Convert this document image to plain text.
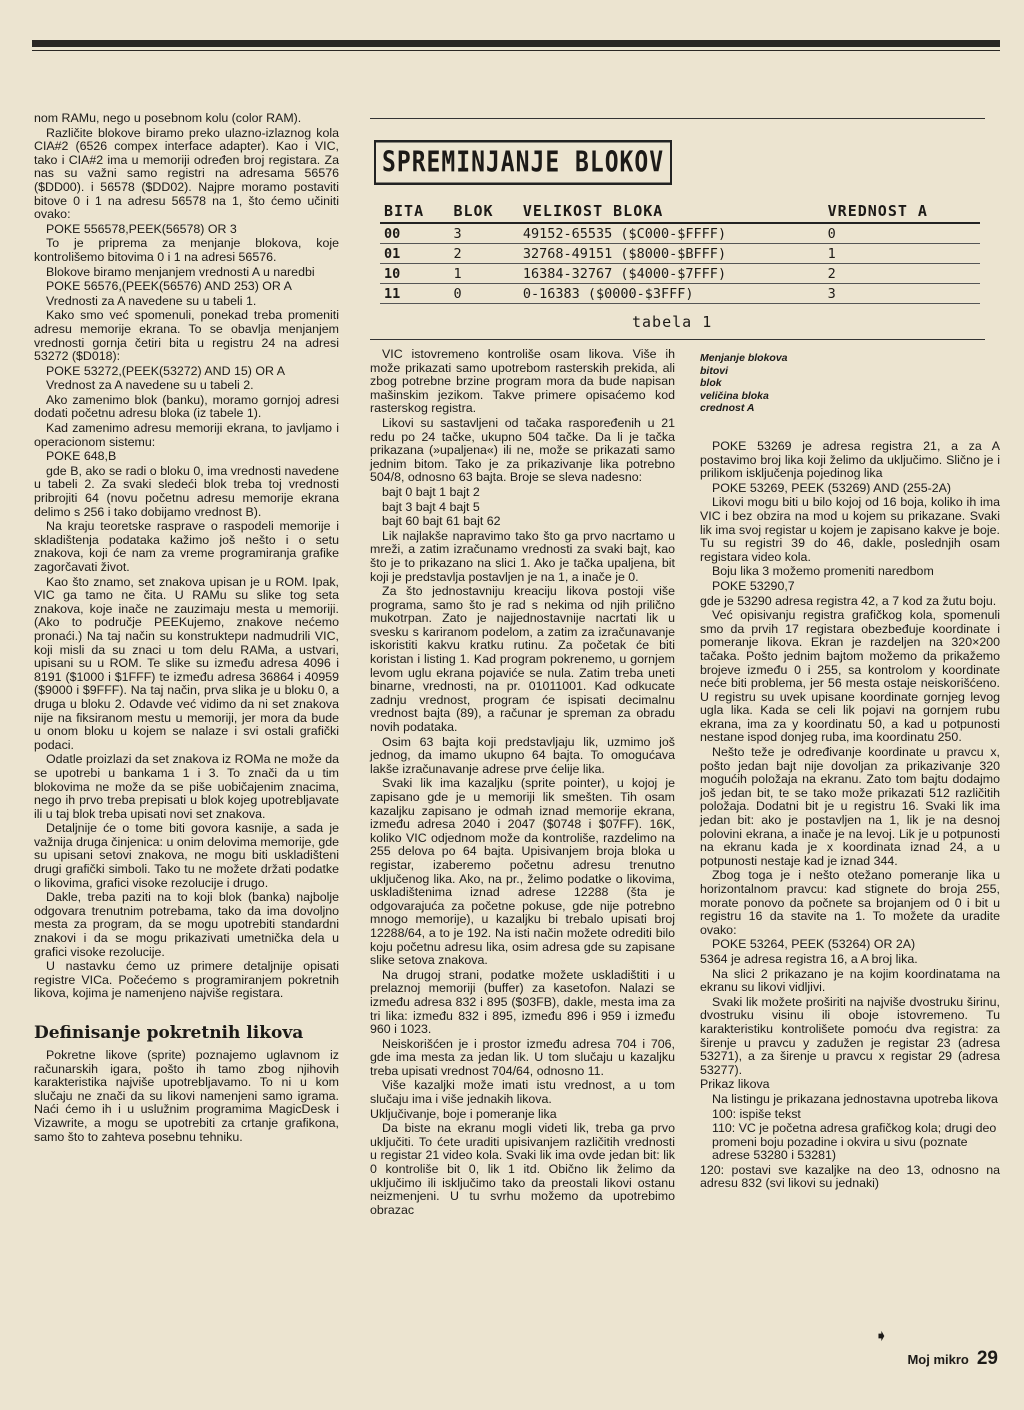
nom RAMu, nego u posebnom kolu (color RAM).

Različite blokove biramo preko ulazno-izlaznog kola CIA#2 (6526 compex interface adapter). Kao i VIC, tako i CIA#2 ima u memoriji određen broj registara. Za nas su važni samo registri na adresama 56576 ($DD00). i 56578 ($DD02). Najpre moramo postaviti bitove 0 i 1 na adresu 56578 na 1, što ćemo učiniti ovako:

POKE 556578,PEEK(56578) OR 3

To je priprema za menjanje blokova, koje kontrolišemo bitovima 0 i 1 na adresi 56576.

Blokove biramo menjanjem vrednosti A u naredbi

POKE 56576,(PEEK(56576) AND 253) OR A

Vrednosti za A navedene su u tabeli 1.

Kako smo već spomenuli, ponekad treba promeniti adresu memorije ekrana. To se obavlja menjanjem vrednosti gornja četiri bita u registru 24 na adresi 53272 ($D018):

POKE 53272,(PEEK(53272) AND 15) OR A

Vrednost za A navedene su u tabeli 2.

Ako zamenimo blok (banku), moramo gornjoj adresi dodati početnu adresu bloka (iz tabele 1).

Kad zamenimo adresu memoriji ekrana, to javljamo i operacionom sistemu:

POKE 648,B

gde B, ako se radi o bloku 0, ima vrednosti navedene u tabeli 2. Za svaki sledeći blok treba toj vrednosti pribrojiti 64 (novu početnu adresu memorije ekrana delimo s 256 i tako dobijamo vrednost B).

Na kraju teoretske rasprave o raspodeli memorije i skladištenja podataka kažimo još nešto i o setu znakova, koji će nam za vreme programiranja grafike zagorčavati život.

Kao što znamo, set znakova upisan je u ROM. Ipak, VIC ga tamo ne čita. U RAMu su slike tog seta znakova, koje inače ne zauzimaju mesta u memoriji. (Ako to područje PEEKujemo, znakove nećemo pronaći.) Na taj način su konstruktери nadmudrili VIC, koji misli da su znaci u tom delu RAMa, a ustvari, upisani su u ROM. Te slike su između adresa 4096 i 8191 ($1000 i $1FFF) te između adresa 36864 i 40959 ($9000 i $9FFF). Na taj način, prva slika je u bloku 0, a druga u bloku 2. Odavde već vidimo da ni set znakova nije na fiksiranom mestu u memoriji, jer mora da bude u onom bloku u kojem se nalaze i svi ostali grafički podaci.

Odatle proizlazi da set znakova iz ROMa ne može da se upotrebi u bankama 1 i 3. To znači da u tim blokovima ne može da se piše uobičajenim znacima, nego ih prvo treba prepisati u blok kojeg upotrebljavate ili u taj blok treba upisati novi set znakova.

Detaljnije će o tome biti govora kasnije, a sada je važnija druga činjenica: u onim delovima memorije, gde su upisani setovi znakova, ne mogu biti uskladišteni drugi grafički simboli. Tako tu ne možete držati podatke o likovima, grafici visoke rezolucije i drugo.

Dakle, treba paziti na to koji blok (banka) najbolje odgovara trenutnim potrebama, tako da ima dovoljno mesta za program, da se mogu upotrebiti standardni znakovi i da se mogu prikazivati umetnička dela u grafici visoke rezolucije.

U nastavku ćemo uz primere detaljnije opisati registre VICa. Počećemo s programiranjem pokretnih likova, kojima je namenjeno najviše registara.

Definisanje pokretnih likova

Pokretne likove (sprite) poznajemo uglavnom iz računarskih igara, pošto ih tamo zbog njihovih karakteristika najviše upotrebljavamo. To ni u kom slučaju ne znači da su likovi namenjeni samo igrama. Naći ćemo ih i u uslužnim programima MagicDesk i Vizawrite, a mogu se upotrebiti za crtanje grafikona, samo što to zahteva posebnu tehniku.

SPREMINJANJE BLOKOV
BITA	BLOK	VELIKOST BLOKA	VREDNOST A
00	3	49152-65535 ($C000-$FFFF)	0
01	2	32768-49151 ($8000-$BFFF)	1
10	1	16384-32767 ($4000-$7FFF)	2
11	0	0-16383 ($0000-$3FFF)	3
tabela 1
Menjanje blokova
bitovi
blok
veličina bloka
crednost A

VIC istovremeno kontroliše osam likova. Više ih može prikazati samo upotrebom rasterskih prekida, ali zbog potrebne brzine program mora da bude napisan mašinskim jezikom. Takve primere opisaćemo kod rasterskog registra.

Likovi su sastavljeni od tačaka raspoređenih u 21 redu po 24 tačke, ukupno 504 tačke. Da li je tačka prikazana (»upaljena«) ili ne, može se prikazati samo jednim bitom. Tako je za prikazivanje lika potrebno 504/8, odnosno 63 bajta. Broje se sleva nadesno:

bajt 0 bajt 1 bajt 2

bajt 3 bajt 4 bajt 5

bajt 60 bajt 61 bajt 62

Lik najlakše napravimo tako što ga prvo nacrtamo u mreži, a zatim izračunamo vrednosti za svaki bajt, kao što je to prikazano na slici 1. Ako je tačka upaljena, bit koji je predstavlja postavljen je na 1, a inače je 0.

Za što jednostavniju kreaciju likova postoji više programa, samo što je rad s nekima od njih prilično mukotrpan. Zato je najjednostavnije nacrtati lik u svesku s kariranom podelom, a zatim za izračunavanje iskoristiti kakvu kratku rutinu. Za početak će biti koristan i listing 1. Kad program pokrenemo, u gornjem levom uglu ekrana pojaviće se nula. Zatim treba uneti binarne, vrednosti, na pr. 01011001. Kad odkucate zadnju vrednost, program će ispisati decimalnu vrednost bajta (89), a računar je spreman za obradu novih podataka.

Osim 63 bajta koji predstavljaju lik, uzmimo još jednog, da imamo ukupno 64 bajta. To omogućava lakše izračunavanje adrese prve ćelije lika.

Svaki lik ima kazaljku (sprite pointer), u kojoj je zapisano gde je u memoriji lik smešten. Tih osam kazaljku zapisano je odmah iznad memorije ekrana, između adresa 2040 i 2047 ($0748 i $07FF). 16K, koliko VIC odjednom može da kontroliše, razdelimo na 255 delova po 64 bajta. Upisivanjem broja bloka u registar, izaberemo početnu adresu trenutno uključenog lika. Ako, na pr., želimo podatke o likovima, uskladištenima iznad adrese 12288 (šta je odgovarajuća za početne pokuse, gde nije potrebno mnogo memorije), u kazaljku bi trebalo upisati broj 12288/64, a to je 192. Na isti način možete odrediti bilo koju početnu adresu lika, osim adresa gde su zapisane slike setova znakova.

Na drugoj strani, podatke možete uskladištiti i u prelaznoj memoriji (buffer) za kasetofon. Nalazi se između adresa 832 i 895 ($03FB), dakle, mesta ima za tri lika: između 832 i 895, između 896 i 959 i između 960 i 1023.

Neiskorišćen je i prostor između adresa 704 i 706, gde ima mesta za jedan lik. U tom slučaju u kazaljku treba upisati vrednost 704/64, odnosno 11.

Više kazaljki može imati istu vrednost, a u tom slučaju ima i više jednakih likova.

Uključivanje, boje i pomeranje lika

Da biste na ekranu mogli videti lik, treba ga prvo uključiti. To ćete uraditi upisivanjem različitih vrednosti u registar 21 video kola. Svaki lik ima ovde jedan bit: lik 0 kontroliše bit 0, lik 1 itd. Obično lik želimo da uključimo ili isključimo tako da preostali likovi ostanu neizmenjeni. U tu svrhu možemo da upotrebimo obrazac

POKE 53269 je adresa registra 21, a za A postavimo broj lika koji želimo da uključimo. Slično je i prilikom isključenja pojedinog lika

POKE 53269, PEEK (53269) AND (255-2A)

Likovi mogu biti u bilo kojoj od 16 boja, koliko ih ima VIC i bez obzira na mod u kojem su prikazane. Svaki lik ima svoj registar u kojem je zapisano kakve je boje. Tu su registri 39 do 46, dakle, poslednjih osam registara video kola.

Boju lika 3 možemo promeniti naredbom

POKE 53290,7

gde je 53290 adresa registra 42, a 7 kod za žutu boju.

Već opisivanju registra grafičkog kola, spomenuli smo da prvih 17 registara obezbeđuje koordinate i pomeranje likova. Ekran je razdeljen na 320×200 tačaka. Pošto jednim bajtom možemo da prikažemo brojeve između 0 i 255, sa kontrolom y koordinate neće biti problema, jer 56 mesta ostaje neiskorišćeno. U registru su uvek upisane koordinate gornjeg levog ugla lika. Kada se celi lik pojavi na gornjem rubu ekrana, ima za y koordinatu 50, a kad u potpunosti nestane ispod donjeg ruba, ima koordinatu 250.

Nešto teže je određivanje koordinate u pravcu x, pošto jedan bajt nije dovoljan za prikazivanje 320 mogućih položaja na ekranu. Zato tom bajtu dodajmo još jedan bit, te se tako može prikazati 512 različitih položaja. Dodatni bit je u registru 16. Svaki lik ima jedan bit: ako je postavljen na 1, lik je na desnoj polovini ekrana, a inače je na levoj. Lik je u potpunosti na ekranu kada je x koordinata iznad 24, a u potpunosti nestaje kad je iznad 344.

Zbog toga je i nešto otežano pomeranje lika u horizontalnom pravcu: kad stignete do broja 255, morate ponovo da počnete sa brojanjem od 0 i bit u registru 16 da stavite na 1. To možete da uradite ovako:

POKE 53264, PEEK (53264) OR 2A)

5364 je adresa registra 16, a A broj lika.

Na slici 2 prikazano je na kojim koordinatama na ekranu su likovi vidljivi.

Svaki lik možete proširiti na najviše dvostruku širinu, dvostruku visinu ili oboje istovremeno. Tu karakteristiku kontrolišete pomoću dva registra: za širenje u pravcu y zadužen je registar 23 (adresa 53271), a za širenje u pravcu x registar 29 (adresa 53277).

Prikaz likova

Na listingu je prikazana jednostavna upotreba likova

100: ispiše tekst

110: VC je početna adresa grafičkog kola; drugi deo promeni boju pozadine i okvira u sivu (poznate adrese 53280 i 53281)

120: postavi sve kazaljke na deo 13, odnosno na adresu 832 (svi likovi su jednaki)

➧
Moj mikro 29
